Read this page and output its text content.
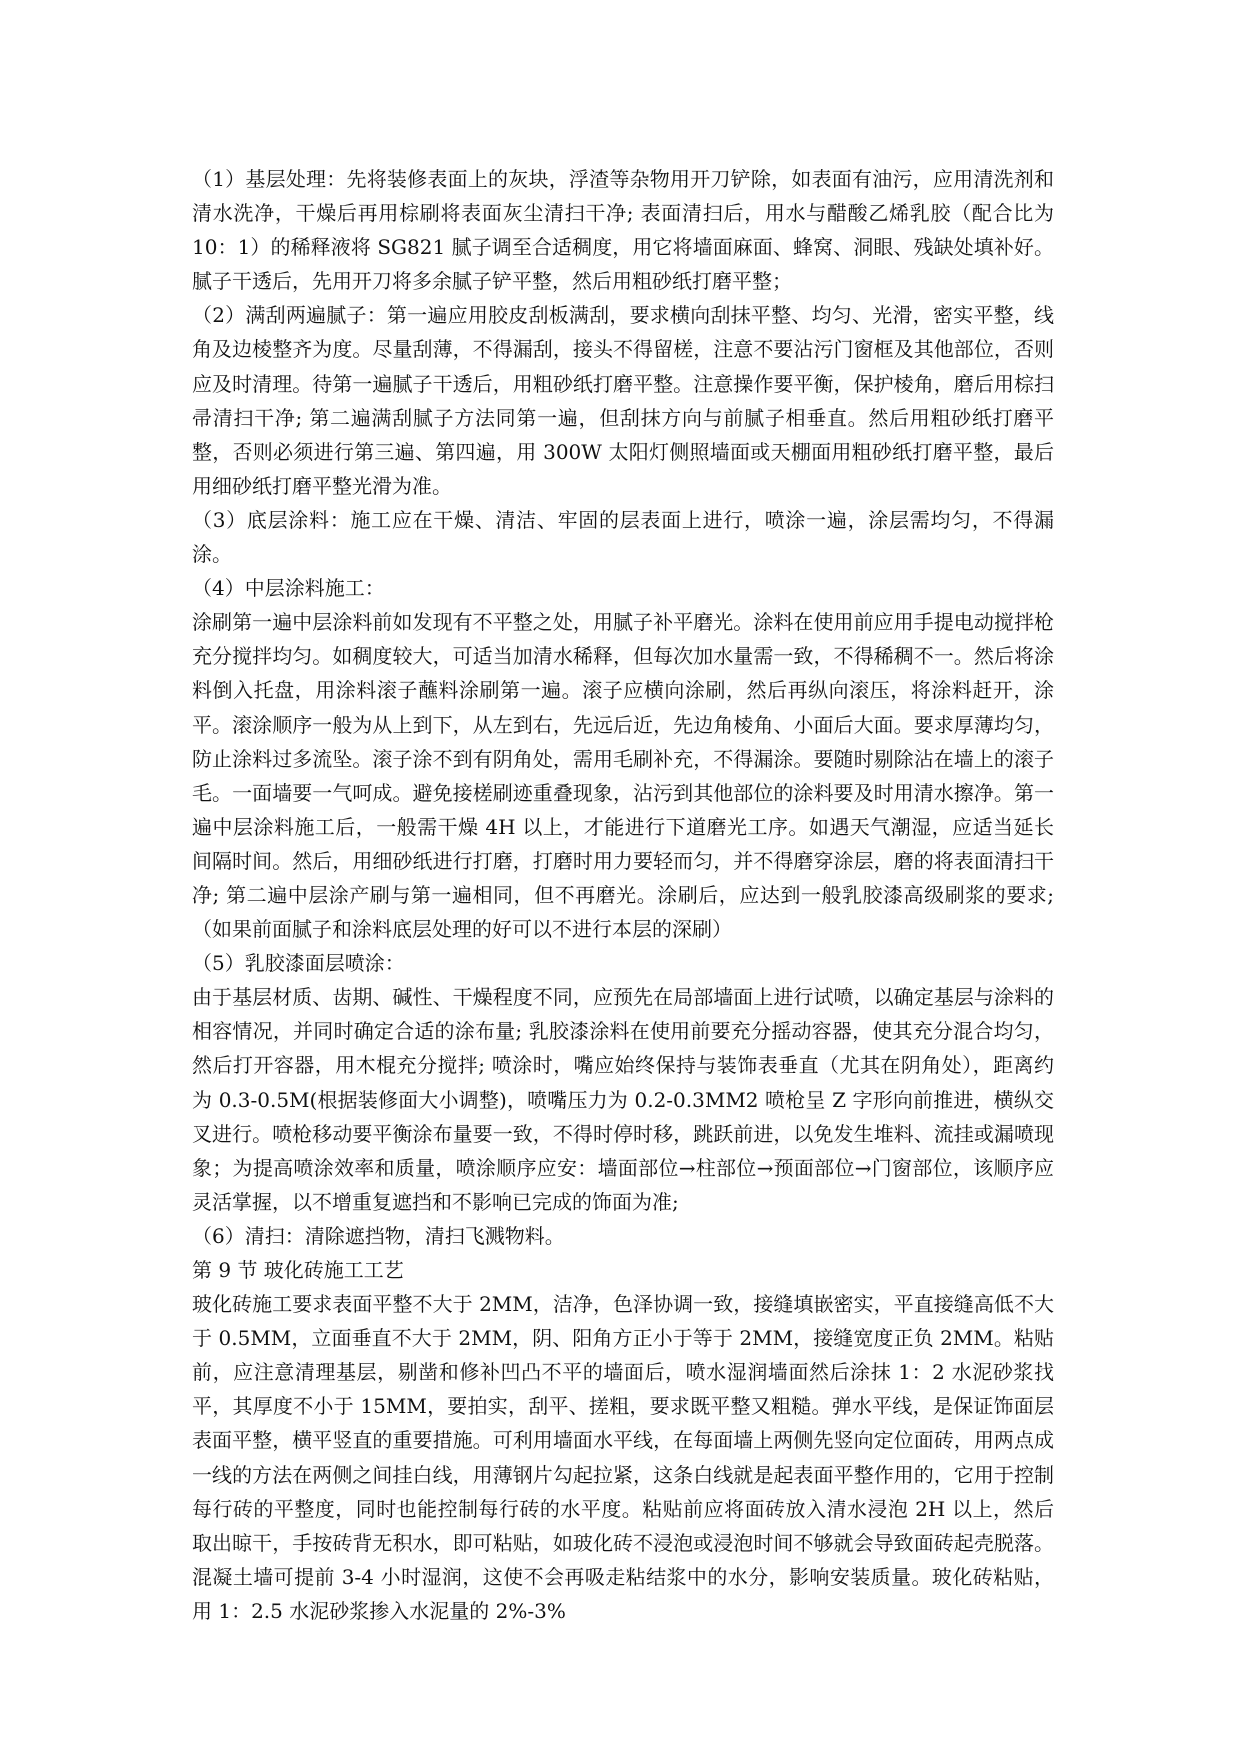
（1）基层处理：先将装修表面上的灰块，浮渣等杂物用开刀铲除，如表面有油污，应用清洗剂和清水洗净，干燥后再用棕刷将表面灰尘清扫干净; 表面清扫后，用水与醋酸乙烯乳胶（配合比为 10：1）的稀释液将 SG821 腻子调至合适稠度，用它将墙面麻面、蜂窝、洞眼、残缺处填补好。腻子干透后，先用开刀将多余腻子铲平整，然后用粗砂纸打磨平整；

（2）满刮两遍腻子：第一遍应用胶皮刮板满刮，要求横向刮抹平整、均匀、光滑，密实平整，线角及边棱整齐为度。尽量刮薄，不得漏刮，接头不得留槎，注意不要沾污门窗框及其他部位，否则应及时清理。待第一遍腻子干透后，用粗砂纸打磨平整。注意操作要平衡，保护棱角，磨后用棕扫帚清扫干净; 第二遍满刮腻子方法同第一遍，但刮抹方向与前腻子相垂直。然后用粗砂纸打磨平整，否则必须进行第三遍、第四遍，用 300W 太阳灯侧照墙面或天棚面用粗砂纸打磨平整，最后用细砂纸打磨平整光滑为准。

（3）底层涂料：施工应在干燥、清洁、牢固的层表面上进行，喷涂一遍，涂层需均匀，不得漏涂。

（4）中层涂料施工：

涂刷第一遍中层涂料前如发现有不平整之处，用腻子补平磨光。涂料在使用前应用手提电动搅拌枪充分搅拌均匀。如稠度较大，可适当加清水稀释，但每次加水量需一致，不得稀稠不一。然后将涂料倒入托盘，用涂料滚子蘸料涂刷第一遍。滚子应横向涂刷，然后再纵向滚压，将涂料赶开，涂平。滚涂顺序一般为从上到下，从左到右，先远后近，先边角棱角、小面后大面。要求厚薄均匀，防止涂料过多流坠。滚子涂不到有阴角处，需用毛刷补充，不得漏涂。要随时剔除沾在墙上的滚子毛。一面墙要一气呵成。避免接槎刷迹重叠现象，沾污到其他部位的涂料要及时用清水擦净。第一遍中层涂料施工后，一般需干燥 4H 以上，才能进行下道磨光工序。如遇天气潮湿，应适当延长间隔时间。然后，用细砂纸进行打磨，打磨时用力要轻而匀，并不得磨穿涂层，磨的将表面清扫干净; 第二遍中层涂产刷与第一遍相同，但不再磨光。涂刷后，应达到一般乳胶漆高级刷浆的要求; （如果前面腻子和涂料底层处理的好可以不进行本层的深刷）

（5）乳胶漆面层喷涂：

由于基层材质、齿期、碱性、干燥程度不同，应预先在局部墙面上进行试喷，以确定基层与涂料的相容情况，并同时确定合适的涂布量; 乳胶漆涂料在使用前要充分摇动容器，使其充分混合均匀，然后打开容器，用木棍充分搅拌; 喷涂时，嘴应始终保持与装饰表垂直（尤其在阴角处），距离约为 0.3-0.5M(根据装修面大小调整)，喷嘴压力为 0.2-0.3MM2 喷枪呈 Z 字形向前推进，横纵交叉进行。喷枪移动要平衡涂布量要一致，不得时停时移，跳跃前进，以免发生堆料、流挂或漏喷现象；为提高喷涂效率和质量，喷涂顺序应安：墙面部位→柱部位→预面部位→门窗部位，该顺序应灵活掌握，以不增重复遮挡和不影响已完成的饰面为准;

（6）清扫：清除遮挡物，清扫飞溅物料。

第 9 节 玻化砖施工工艺

玻化砖施工要求表面平整不大于 2MM，洁净，色泽协调一致，接缝填嵌密实，平直接缝高低不大于 0.5MM，立面垂直不大于 2MM，阴、阳角方正小于等于 2MM，接缝宽度正负 2MM。粘贴前，应注意清理基层，剔凿和修补凹凸不平的墙面后，喷水湿润墙面然后涂抹 1：2 水泥砂浆找平，其厚度不小于 15MM，要拍实，刮平、搓粗，要求既平整又粗糙。弹水平线，是保证饰面层表面平整，横平竖直的重要措施。可利用墙面水平线，在每面墙上两侧先竖向定位面砖，用两点成一线的方法在两侧之间挂白线，用薄钢片勾起拉紧，这条白线就是起表面平整作用的，它用于控制每行砖的平整度，同时也能控制每行砖的水平度。粘贴前应将面砖放入清水浸泡 2H 以上，然后取出晾干，手按砖背无积水，即可粘贴，如玻化砖不浸泡或浸泡时间不够就会导致面砖起壳脱落。混凝土墙可提前 3-4 小时湿润，这使不会再吸走粘结浆中的水分，影响安装质量。玻化砖粘贴，用 1：2.5 水泥砂浆掺入水泥量的 2%-3%
